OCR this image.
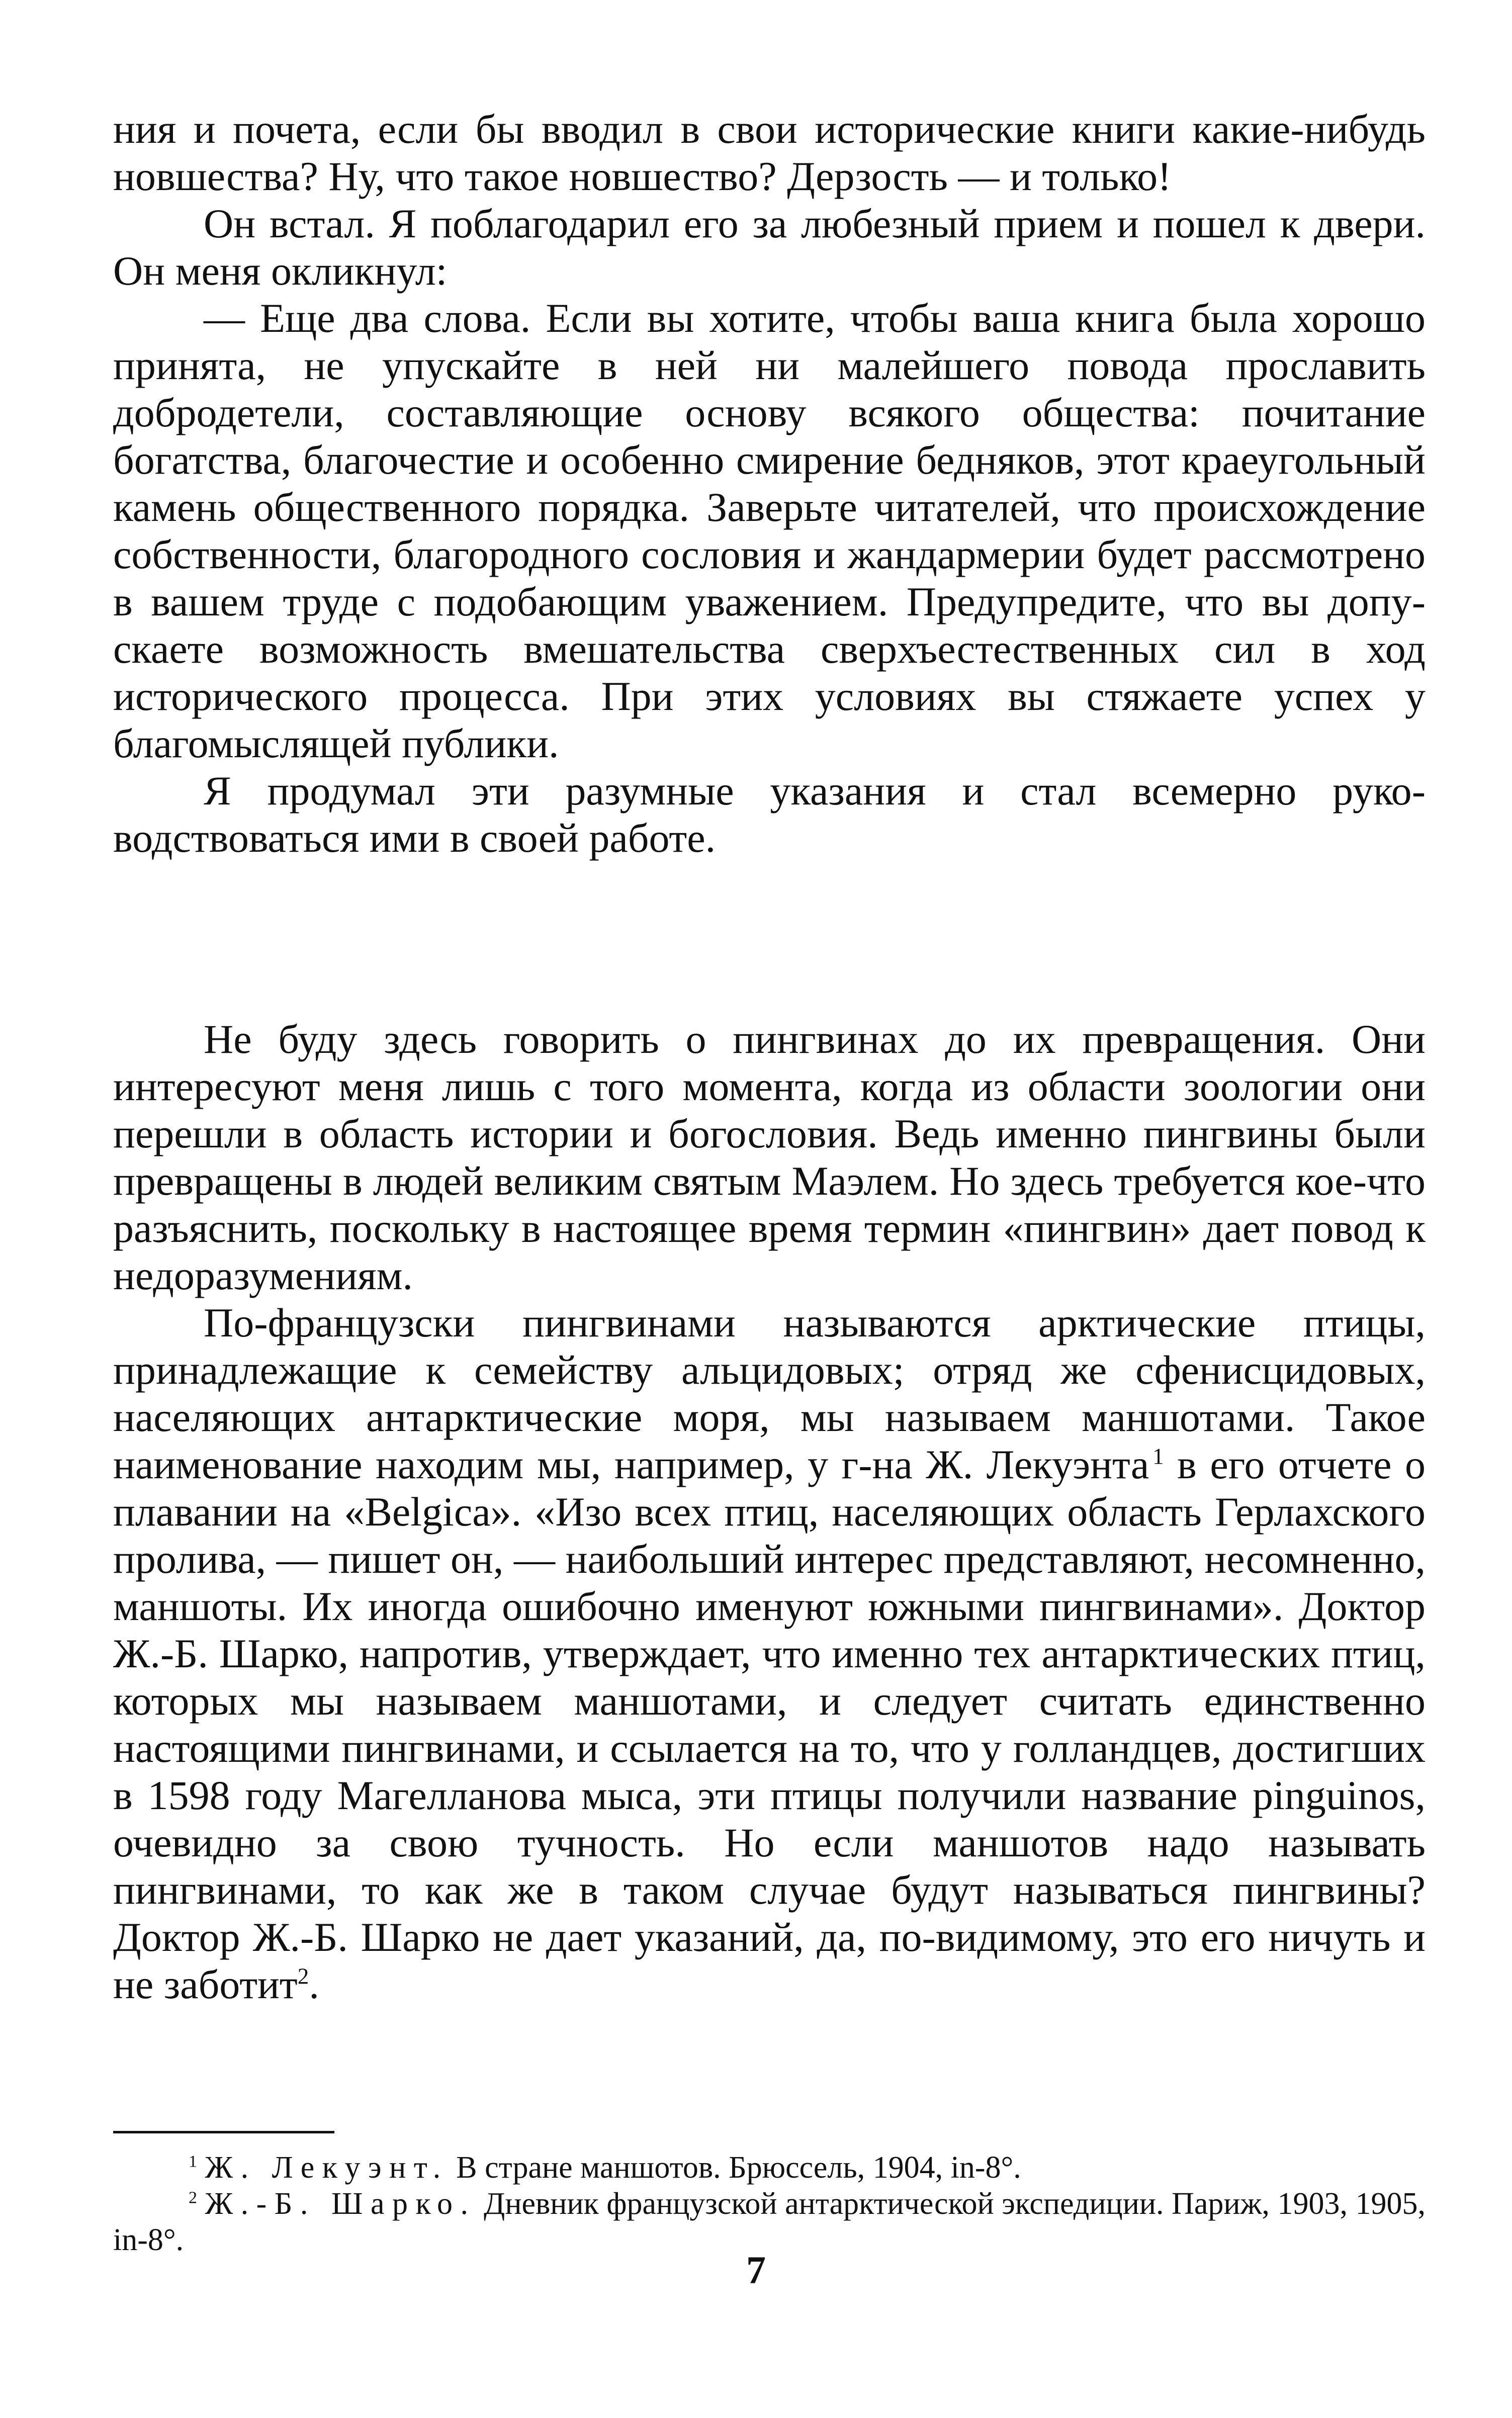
ния и почета, если бы вводил в свои исторические книги какие-нибудь новшества? Ну, что такое новшество? Дерзость — и только!

Он встал. Я поблагодарил его за любезный прием и пошел к двери. Он меня окликнул:

— Еще два слова. Если вы хотите, чтобы ваша книга была хорошо принята, не упускайте в ней ни малейшего повода прославить добродетели, составляющие основу всякого общества: почитание богатства, благочестие и особенно смирение бедняков, этот краеугольный камень общественного порядка. Заверьте читателей, что происхождение собственности, благородного сословия и жандармерии будет рассмотрено в вашем труде с подобающим уважением. Предупредите, что вы допускаете возможность вмешательства сверхъестественных сил в ход исторического процесса. При этих условиях вы стяжаете успех у благомыслящей публики.

Я продумал эти разумные указания и стал всемерно руководствоваться ими в своей работе.

Не буду здесь говорить о пингвинах до их превращения. Они интересуют меня лишь с того момента, когда из области зоологии они перешли в область истории и богословия. Ведь именно пингвины были превращены в людей великим святым Маэлем. Но здесь требуется кое-что разъяснить, поскольку в настоящее время термин «пингвин» дает повод к недоразумениям.

По-французски пингвинами называются арктические птицы, принадлежащие к семейству альцидовых; отряд же сфенисцидовых, населяющих антарктические моря, мы называем маншотами. Такое наименование находим мы, например, у г-на Ж. Лекуэнта  $^1$ в его отчете о плавании на «Belgica». «Изо всех птиц, населяющих область Герлахского пролива, — пишет он, — наибольший интерес представляют, несомненно, маншоты. Их иногда ошибочно именуют южными пингвинами». Доктор Ж.-Б. Шарко, напротив, утверждает, что именно тех антарктических птиц, которых мы называем маншотами, и следует считать единственно настоящими пингвинами, и ссылается на то, что у голландцев, достигших в 1598 году Магелланова мыса, эти птицы получили название pinguinos, очевидно за свою тучность. Но если маншотов надо называть пингвинами, то как же в таком случае будут называться пингвины? Доктор Ж.-Б. Шарко не дает указаний, да, по-видимому, это его ничуть и не заботит$^2$.

$^1$ Ж. Лекуэнт. В стране маншотов. Брюссель, 1904, in-8°.

$^2$ Ж.-Б. Шарко. Дневник французской антарктической экспедиции. Париж, 1903, 1905, in-8°.

7
